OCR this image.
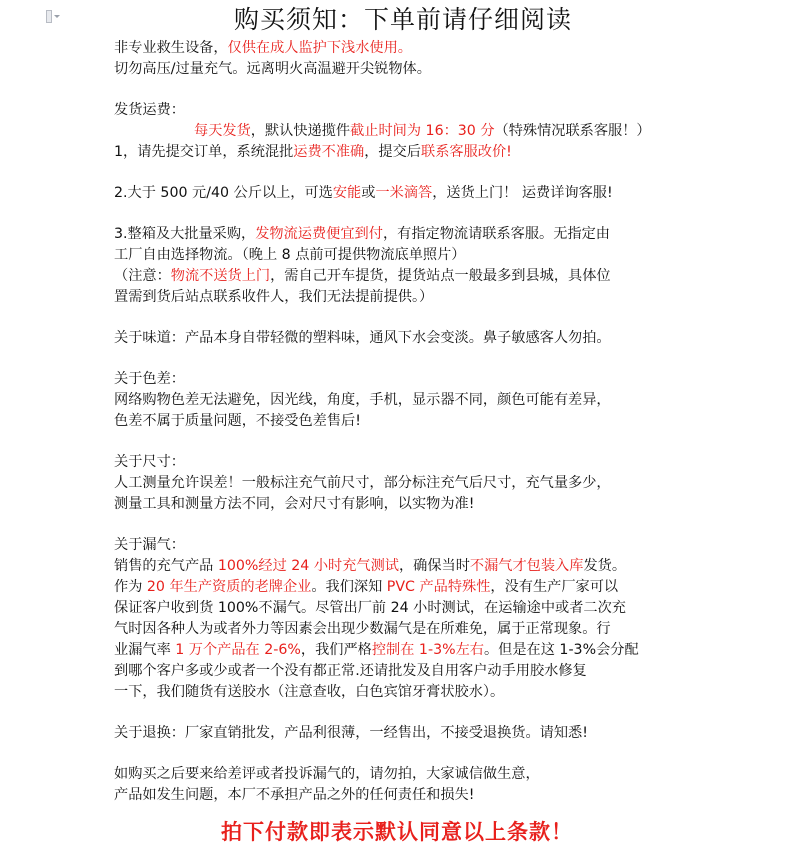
购买须知：下单前请仔细阅读
非专业救生设备，仅供在成人监护下浅水使用。
切勿高压/过量充气。远离明火高温避开尖锐物体。
发货运费：
每天发货，默认快递揽件截止时间为 16：30 分（特殊情况联系客服！）
1，请先提交订单，系统混批运费不准确，提交后联系客服改价!
2.大于 500 元/40 公斤以上，可选安能或一米滴答，送货上门！ 运费详询客服!
3.整箱及大批量采购，发物流运费便宜到付，有指定物流请联系客服。无指定由
工厂自由选择物流。（晚上 8 点前可提供物流底单照片）
（注意：物流不送货上门，需自己开车提货，提货站点一般最多到县城，具体位
置需到货后站点联系收件人，我们无法提前提供。）
关于味道：产品本身自带轻微的塑料味，通风下水会变淡。鼻子敏感客人勿拍。
关于色差：
网络购物色差无法避免，因光线，角度，手机，显示器不同，颜色可能有差异，
色差不属于质量问题，不接受色差售后!
关于尺寸：
人工测量允许误差！一般标注充气前尺寸，部分标注充气后尺寸，充气量多少，
测量工具和测量方法不同，会对尺寸有影响，以实物为准!
关于漏气：
销售的充气产品 100%经过 24 小时充气测试，确保当时不漏气才包装入库发货。
作为 20 年生产资质的老牌企业。我们深知 PVC 产品特殊性，没有生产厂家可以
保证客户收到货 100%不漏气。尽管出厂前 24 小时测试，在运输途中或者二次充
气时因各种人为或者外力等因素会出现少数漏气是在所难免，属于正常现象。行
业漏气率 1 万个产品在 2-6%，我们严格控制在 1-3%左右。但是在这 1-3%会分配
到哪个客户多或少或者一个没有都正常.还请批发及自用客户动手用胶水修复
一下，我们随货有送胶水（注意查收，白色宾馆牙膏状胶水）。
关于退换：厂家直销批发，产品利很薄，一经售出，不接受退换货。请知悉!
如购买之后要来给差评或者投诉漏气的，请勿拍，大家诚信做生意，
产品如发生问题，本厂不承担产品之外的任何责任和损失!
拍下付款即表示默认同意以上条款！
